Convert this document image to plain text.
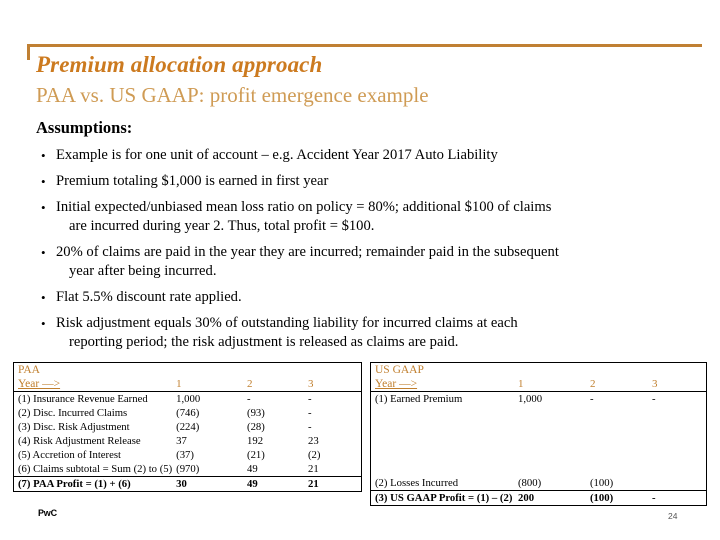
Premium allocation approach
PAA vs. US GAAP: profit emergence example
Assumptions:
• Example is for one unit of account – e.g. Accident Year 2017 Auto Liability
• Premium totaling $1,000 is earned in first year
• Initial expected/unbiased mean loss ratio on policy = 80%; additional $100 of claims
are incurred during year 2. Thus, total profit = $100.
• 20% of claims are paid in the year they are incurred; remainder paid in the subsequent
year after being incurred.
• Flat 5.5% discount rate applied.
• Risk adjustment equals 30% of outstanding liability for incurred claims at each
reporting period; the risk adjustment is released as claims are paid.
PAA			
Year —>	1	2	3
(1) Insurance Revenue Earned	1,000	-	-
(2) Disc. Incurred Claims	(746)	(93)	-
(3) Disc. Risk Adjustment	(224)	(28)	-
(4) Risk Adjustment Release	37	192	23
(5) Accretion of Interest	(37)	(21)	(2)
(6) Claims subtotal = Sum (2) to (5)	(970)	49	21
(7) PAA Profit = (1) + (6)	30	49	21
US GAAP			
Year —>	1	2	3
(1) Earned Premium	1,000	-	-

(2) Losses Incurred	(800)	(100)	
(3) US GAAP Profit = (1) – (2)	200	(100)	-
PwC	24
